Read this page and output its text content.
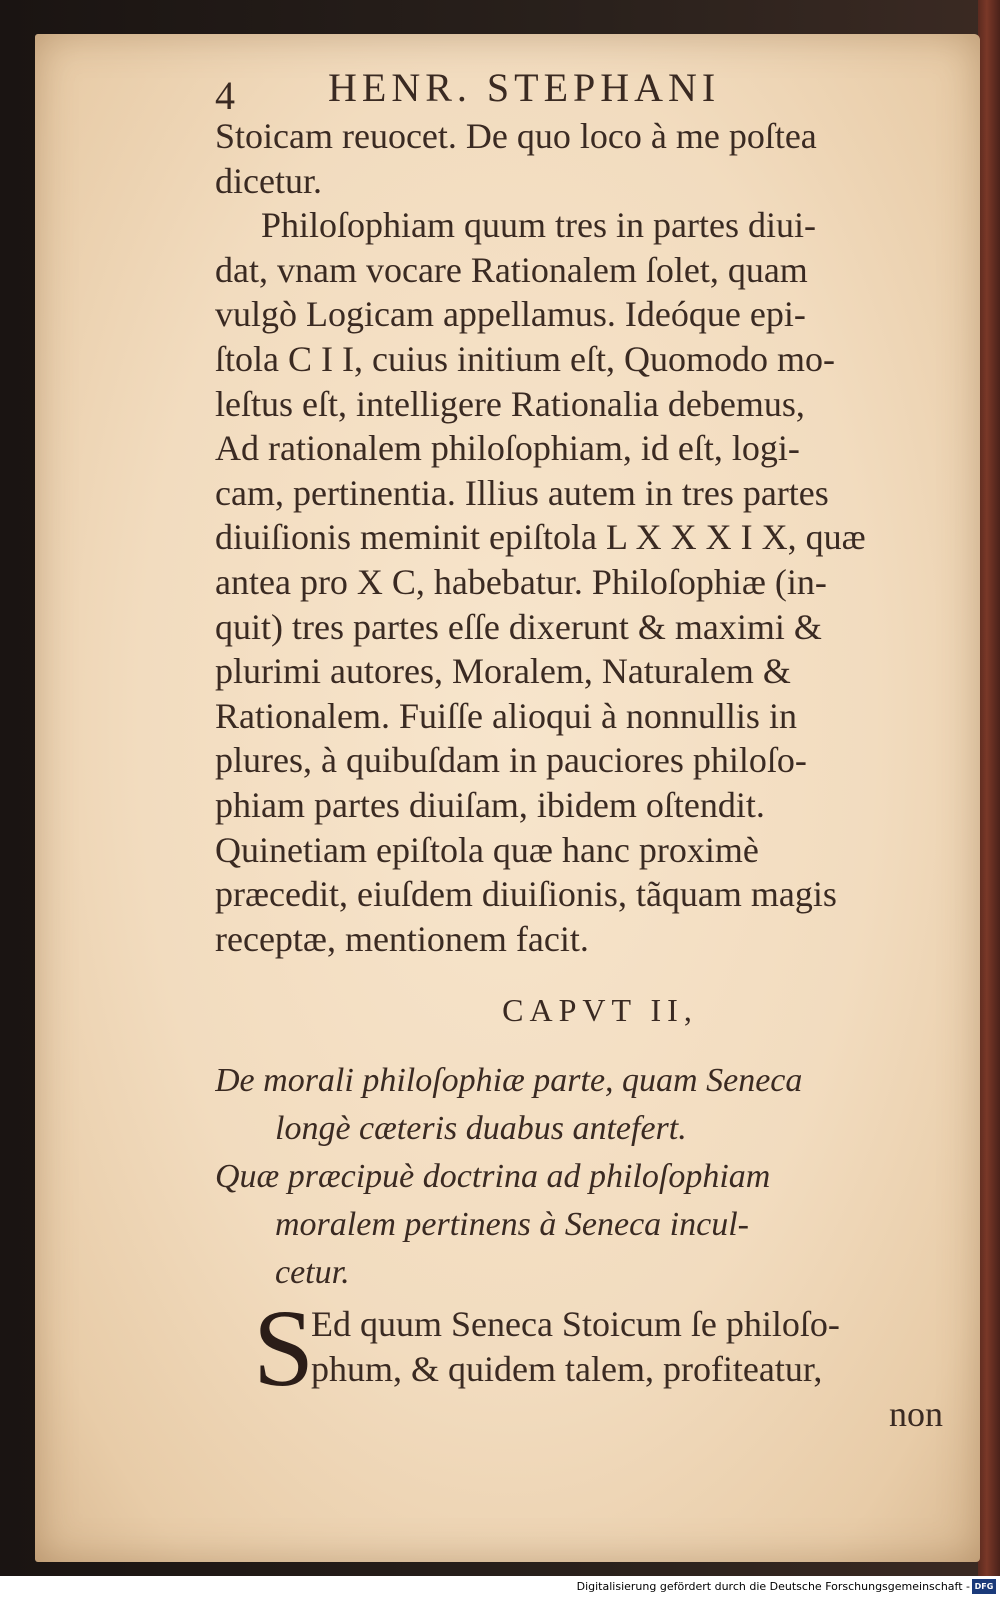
4 HENR. STEPHANI
Stoicam reuocet. De quo loco à me poſtea
dicetur.
Philoſophiam quum tres in partes diui-
dat, vnam vocare Rationalem ſolet, quam
vulgò Logicam appellamus. Ideóque epi-
ſtola C I I, cuius initium eſt, Quomodo mo-
leſtus eſt, intelligere Rationalia debemus,
Ad rationalem philoſophiam, id eſt, logi-
cam, pertinentia. Illius autem in tres partes
diuiſionis meminit epiſtola L X X X I X, quæ
antea pro X C, habebatur. Philoſophiæ (in-
quit) tres partes eſſe dixerunt & maximi &
plurimi autores, Moralem, Naturalem &
Rationalem. Fuiſſe alioqui à nonnullis in
plures, à quibuſdam in pauciores philoſo-
phiam partes diuiſam, ibidem oſtendit.
Quinetiam epiſtola quæ hanc proximè
præcedit, eiuſdem diuiſionis, tãquam magis
receptæ, mentionem facit.
CAPVT II,
De morali philoſophiæ parte, quam Seneca
longè cæteris duabus antefert.
Quæ præcipuè doctrina ad philoſophiam
moralem pertinens à Seneca incul-
cetur.
S
Ed quum Seneca Stoicum ſe philoſo-
phum, & quidem talem, profiteatur,
non
Digitalisierung gefördert durch die Deutsche Forschungsgemeinschaft - DFG
